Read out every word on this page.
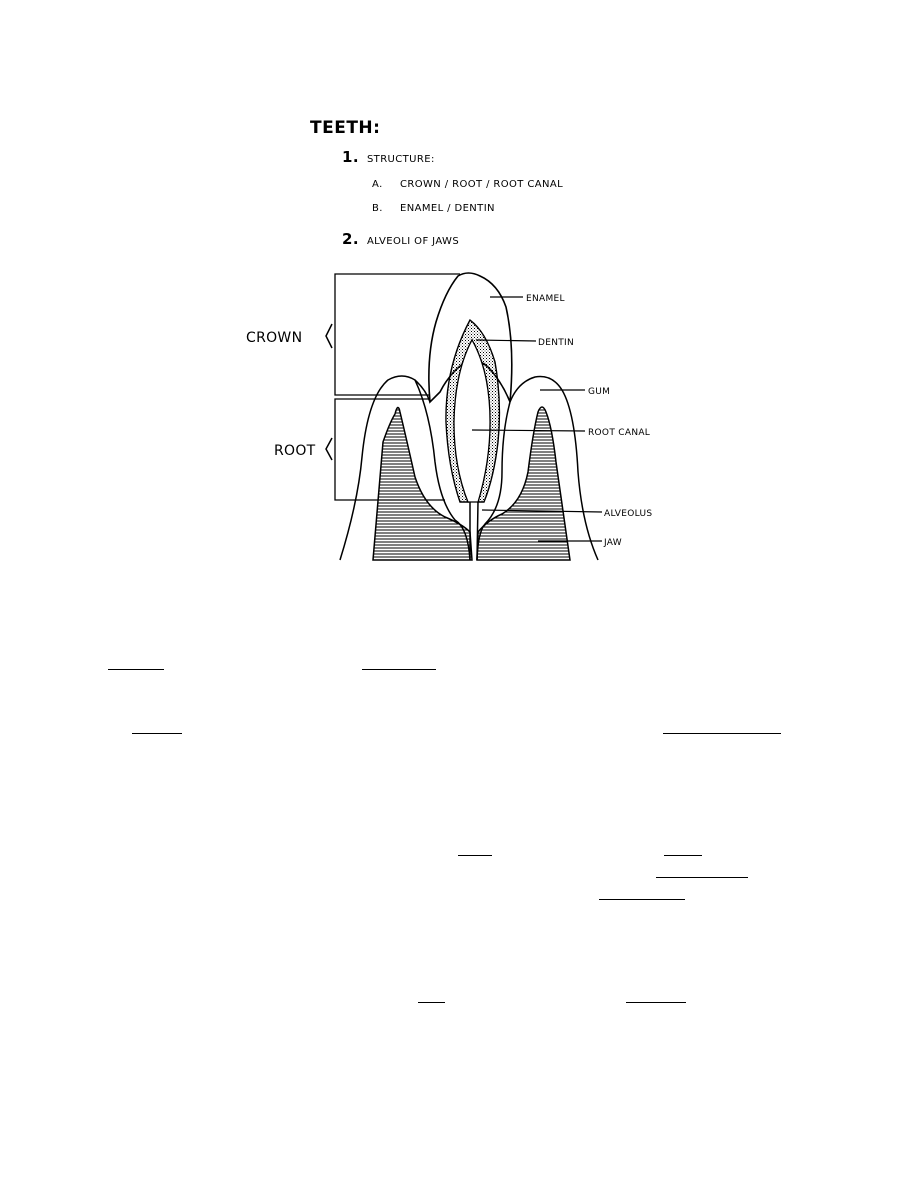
TEETH:
1. STRUCTURE:
A. CROWN / ROOT / ROOT CANAL
B. ENAMEL / DENTIN
2. ALVEOLI OF JAWS
CROWN
ROOT
ENAMEL
DENTIN
GUM
ROOT CANAL
ALVEOLUS
JAW
